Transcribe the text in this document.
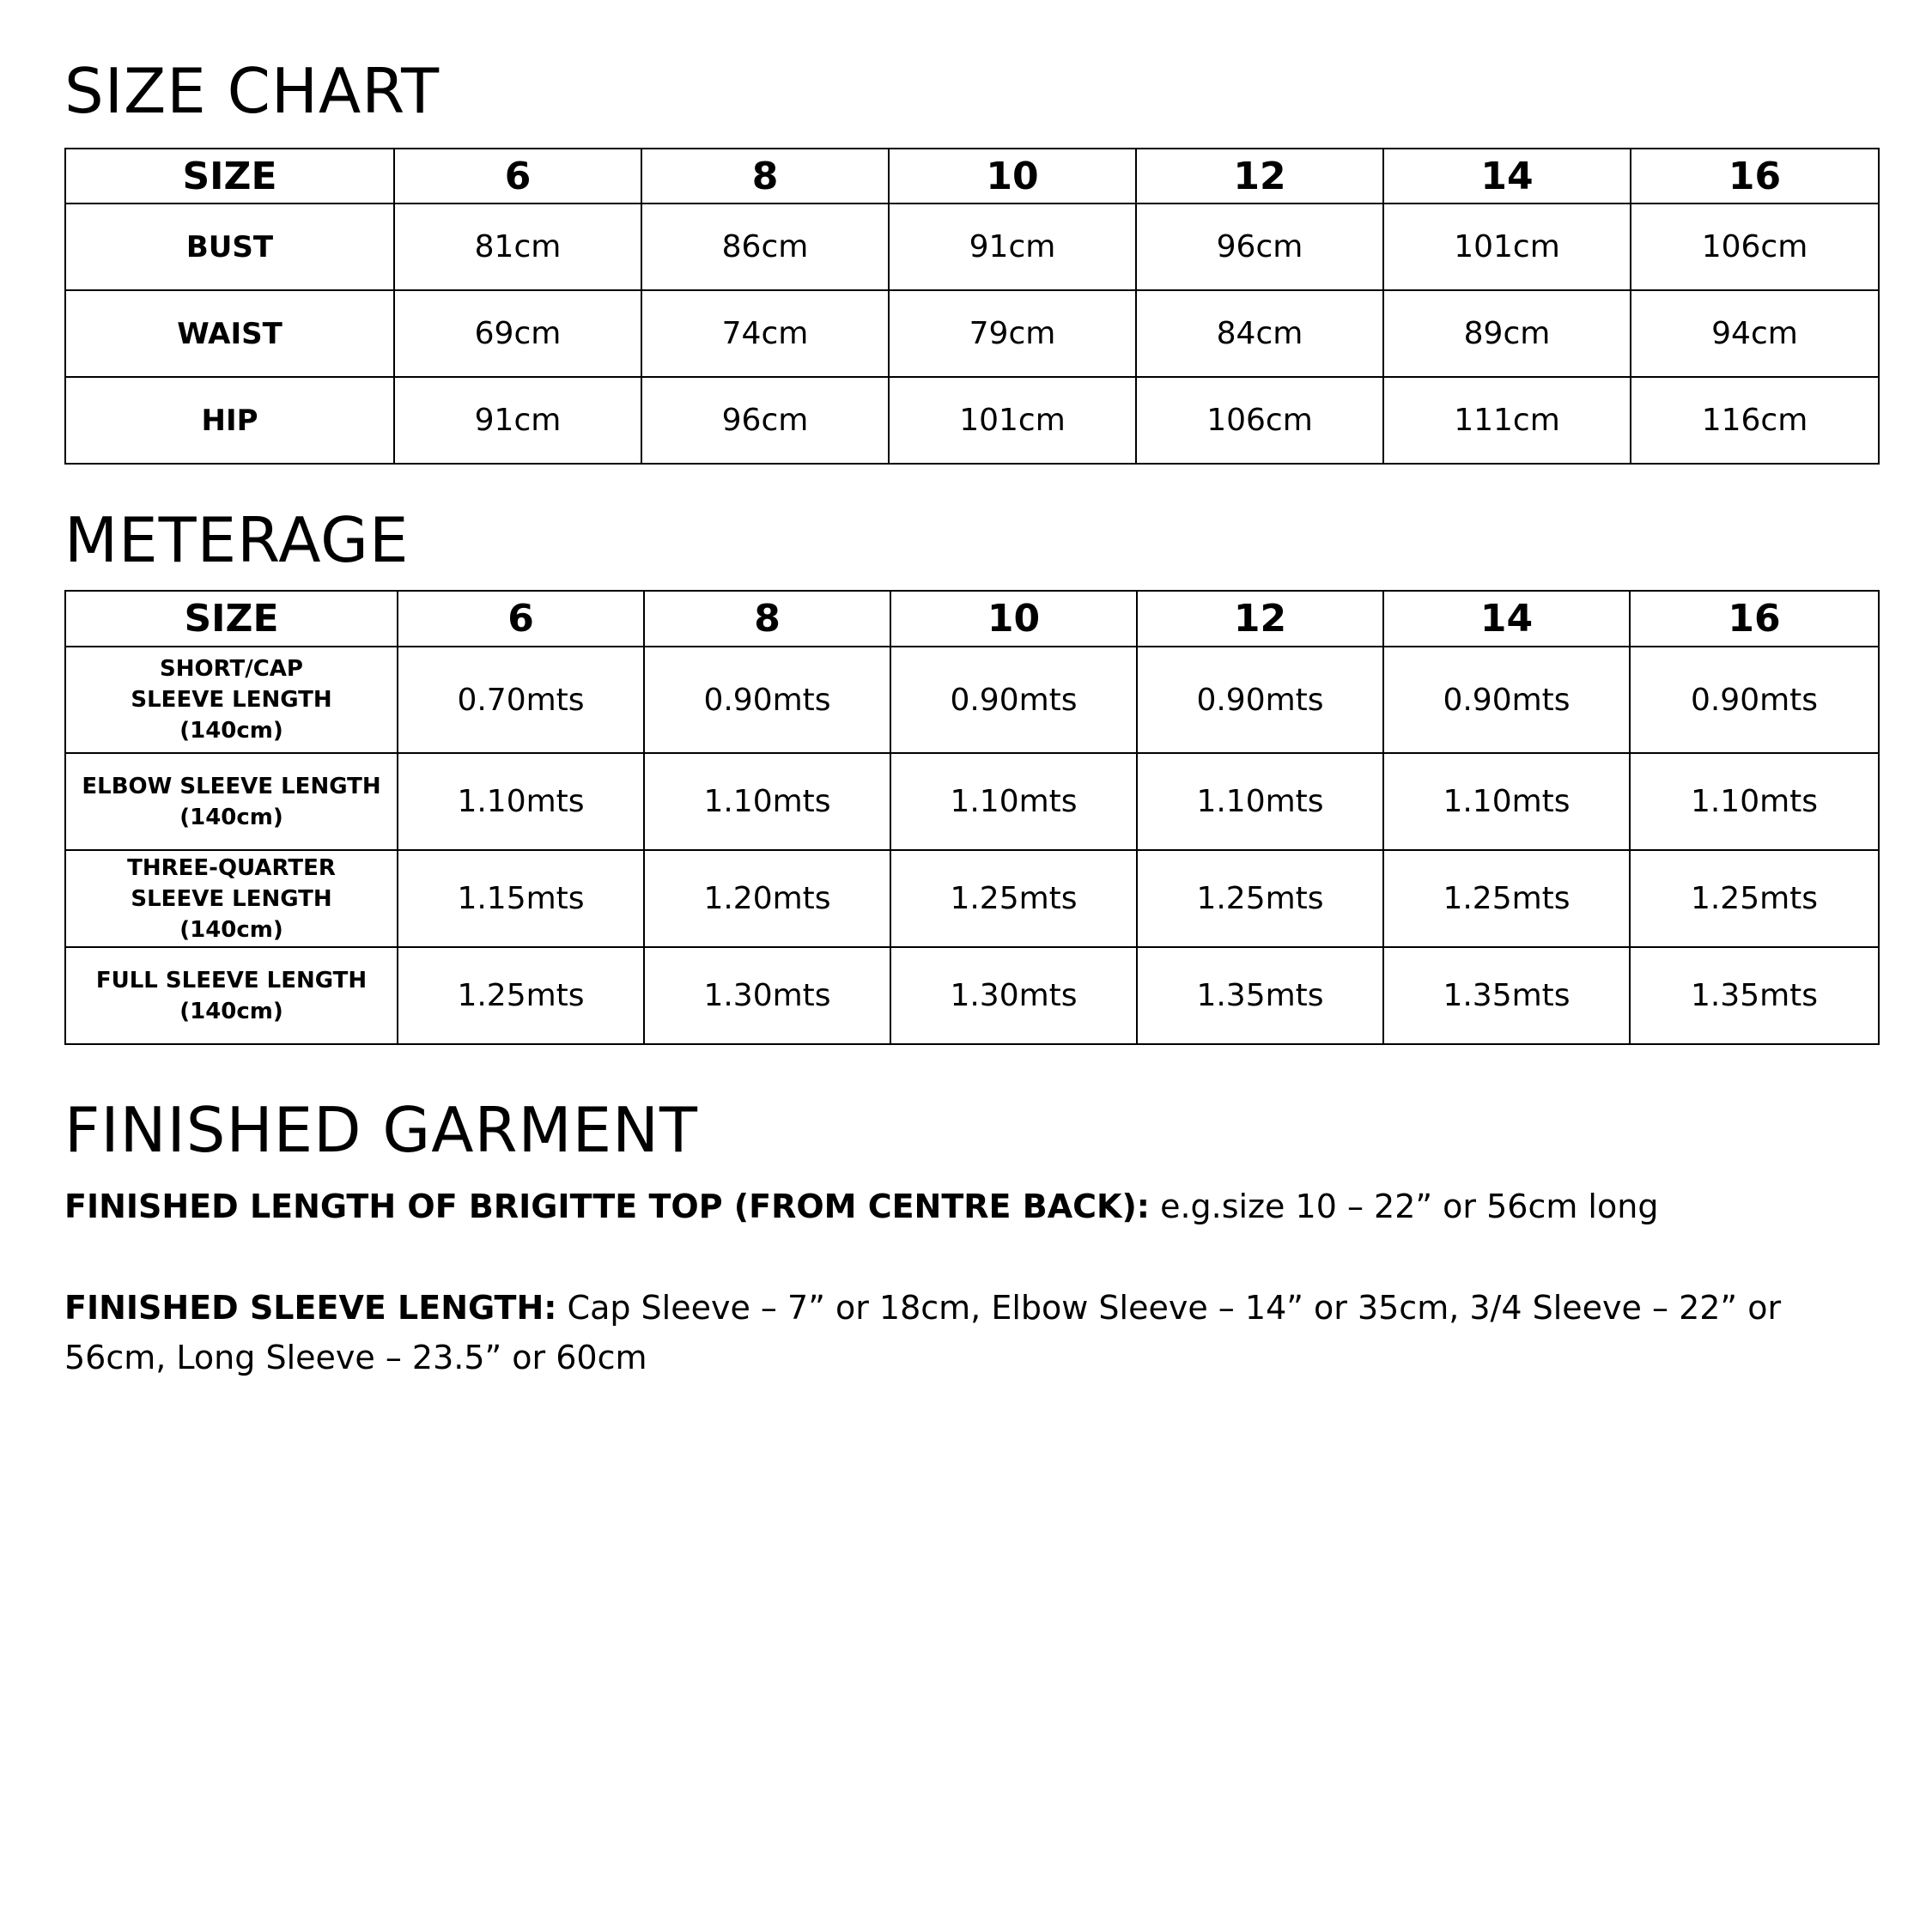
SIZE CHART
SIZE	6	8	10	12	14	16
BUST	81cm	86cm	91cm	96cm	101cm	106cm
WAIST	69cm	74cm	79cm	84cm	89cm	94cm
HIP	91cm	96cm	101cm	106cm	111cm	116cm
METERAGE
SIZE	6	8	10	12	14	16

SHORT/CAP
SLEEVE LENGTH
(140cm)	0.70mts	0.90mts	0.90mts	0.90mts	0.90mts	0.90mts

ELBOW SLEEVE LENGTH
(140cm)	1.10mts	1.10mts	1.10mts	1.10mts	1.10mts	1.10mts

THREE-QUARTER
SLEEVE LENGTH
(140cm)	1.15mts	1.20mts	1.25mts	1.25mts	1.25mts	1.25mts

FULL SLEEVE LENGTH
(140cm)	1.25mts	1.30mts	1.30mts	1.35mts	1.35mts	1.35mts
FINISHED GARMENT

FINISHED LENGTH OF BRIGITTE TOP (FROM CENTRE BACK): e.g.size 10 – 22” or 56cm long

FINISHED SLEEVE LENGTH: Cap Sleeve – 7” or 18cm, Elbow Sleeve – 14” or 35cm, 3/4 Sleeve – 22” or 56cm, Long Sleeve – 23.5” or 60cm
